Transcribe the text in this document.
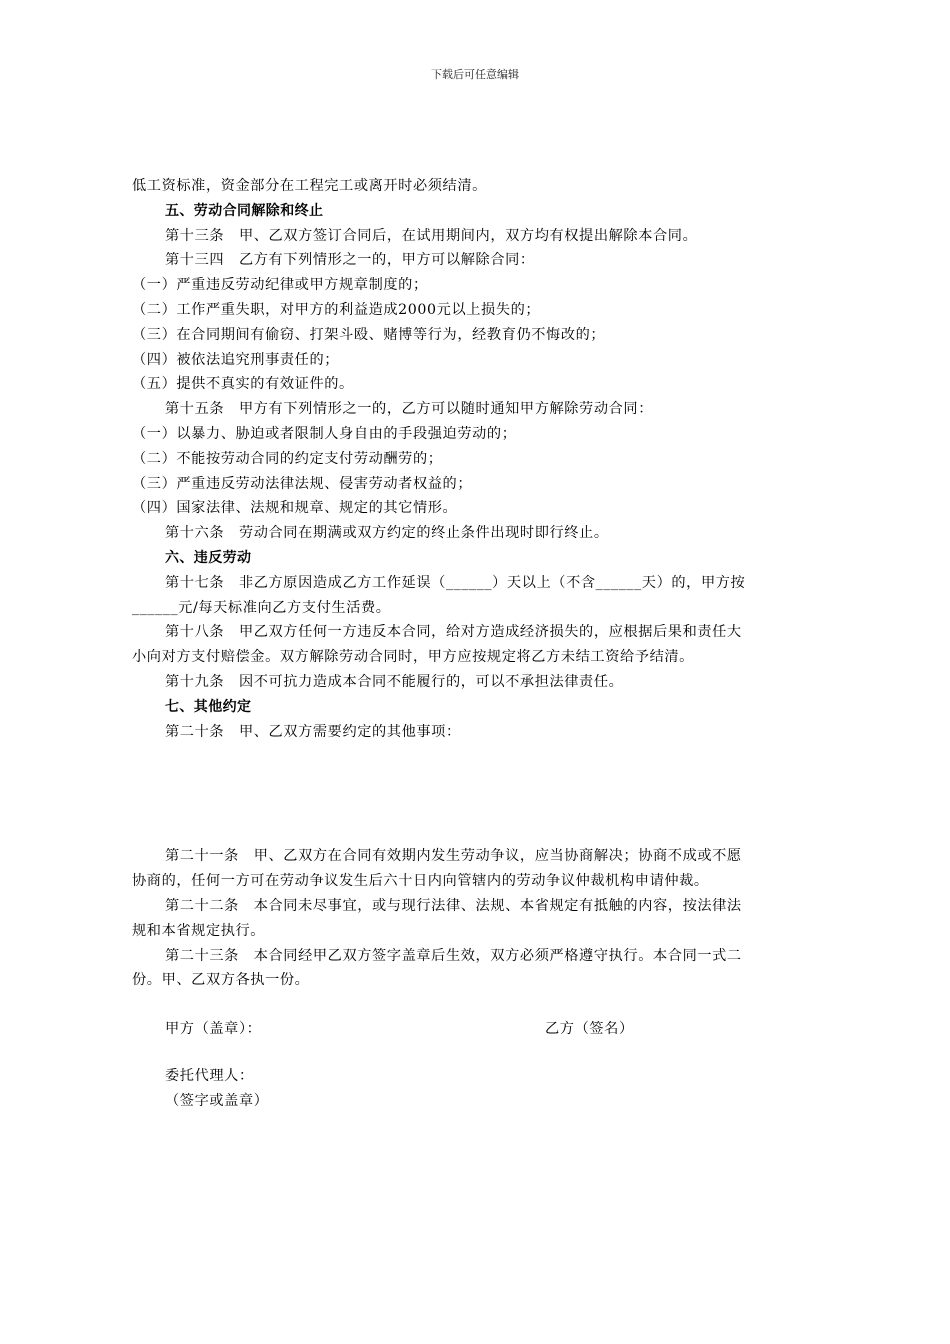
下载后可任意编辑
低工资标准，资金部分在工程完工或离开时必须结清。
五、劳动合同解除和终止
第十三条　甲、乙双方签订合同后，在试用期间内，双方均有权提出解除本合同。
第十三四　乙方有下列情形之一的，甲方可以解除合同：
（一）严重违反劳动纪律或甲方规章制度的；
（二）工作严重失职，对甲方的利益造成2000元以上损失的；
（三）在合同期间有偷窃、打架斗殴、赌博等行为，经教育仍不悔改的；
（四）被依法追究刑事责任的；
（五）提供不真实的有效证件的。
第十五条　甲方有下列情形之一的，乙方可以随时通知甲方解除劳动合同：
（一）以暴力、胁迫或者限制人身自由的手段强迫劳动的；
（二）不能按劳动合同的约定支付劳动酬劳的；
（三）严重违反劳动法律法规、侵害劳动者权益的；
（四）国家法律、法规和规章、规定的其它情形。
第十六条　劳动合同在期满或双方约定的终止条件出现时即行终止。
六、违反劳动
第十七条　非乙方原因造成乙方工作延误（______）天以上（不含______天）的，甲方按
______元/每天标准向乙方支付生活费。
第十八条　甲乙双方任何一方违反本合同，给对方造成经济损失的，应根据后果和责任大
小向对方支付赔偿金。双方解除劳动合同时，甲方应按规定将乙方未结工资给予结清。
第十九条　因不可抗力造成本合同不能履行的，可以不承担法律责任。
七、其他约定
第二十条　甲、乙双方需要约定的其他事项：
第二十一条　甲、乙双方在合同有效期内发生劳动争议，应当协商解决；协商不成或不愿
协商的，任何一方可在劳动争议发生后六十日内向管辖内的劳动争议仲裁机构申请仲裁。
第二十二条　本合同未尽事宜，或与现行法律、法规、本省规定有抵触的内容，按法律法
规和本省规定执行。
第二十三条　本合同经甲乙双方签字盖章后生效，双方必须严格遵守执行。本合同一式二
份。甲、乙双方各执一份。
甲方（盖章）：	乙方（签名）
委托代理人：
（签字或盖章）
